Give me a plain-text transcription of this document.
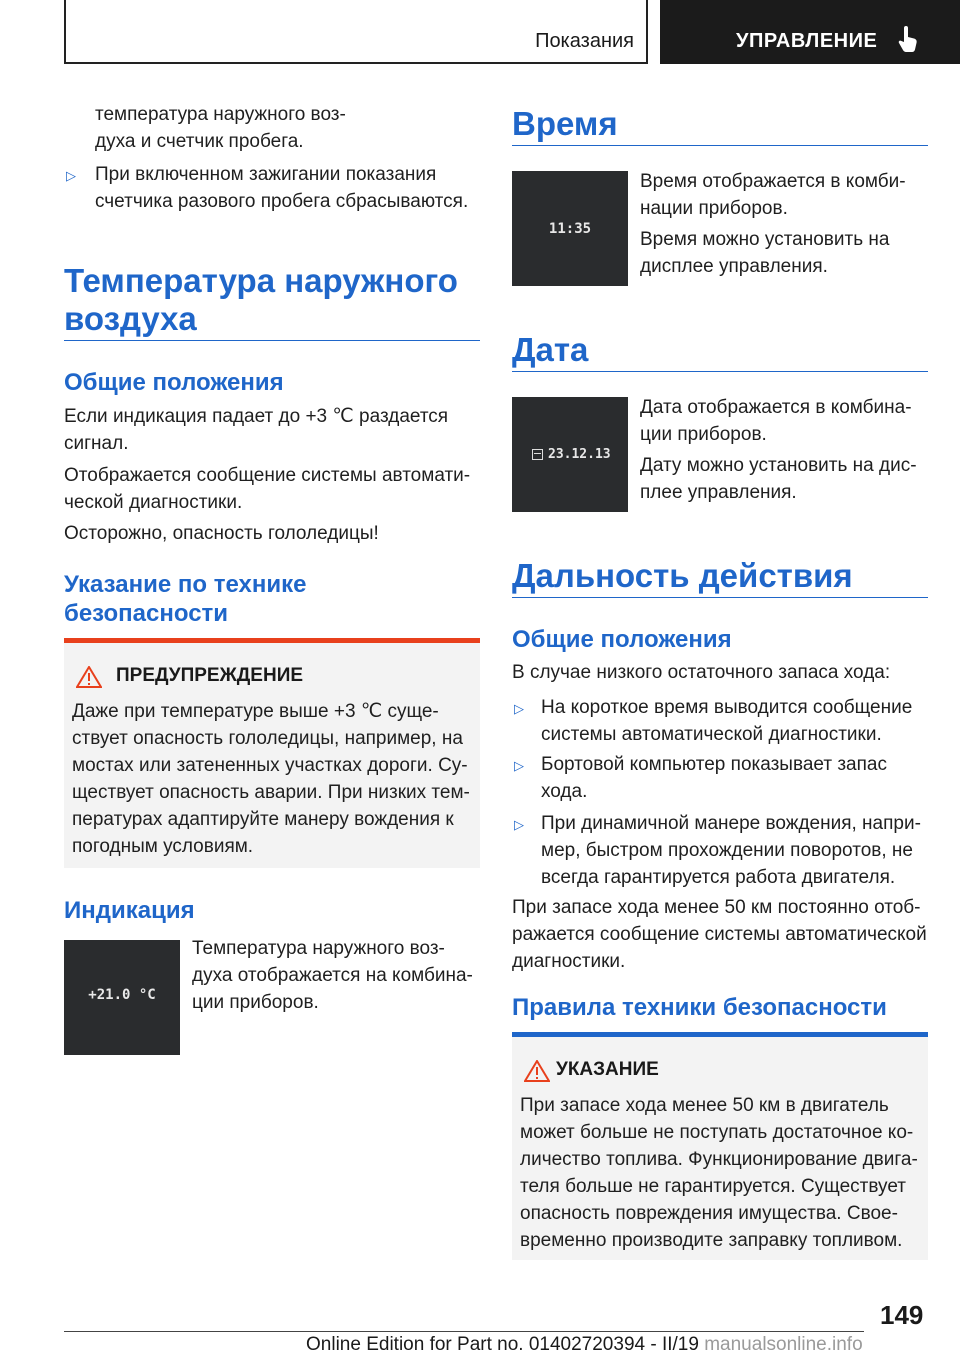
Показания	УПРАВЛЕНИЕ
температура наружного воз-
духа и счетчик пробега.
▷ При включенном зажигании показания
счетчика разового пробега сбрасываются.
Температура наружного
воздуха
Общие положения
Если индикация падает до +3 ℃ раздается
сигнал.
Отображается сообщение системы автомати-
ческой диагностики.
Осторожно, опасность гололедицы!
Указание по технике
безопасности
ПРЕДУПРЕЖДЕНИЕ
Даже при температуре выше +3 ℃ суще-
ствует опасность гололедицы, например, на
мостах или затененных участках дороги. Су-
ществует опасность аварии. При низких тем-
пературах адаптируйте манеру вождения к
погодным условиям.
Индикация
+21.0 °C
Температура наружного воз-
духа отображается на комбина-
ции приборов.
Время
11:35
Время отображается в комби-
нации приборов.
Время можно установить на
дисплее управления.
Дата
23.12.13
Дата отображается в комбина-
ции приборов.
Дату можно установить на дис-
плее управления.
Дальность действия
Общие положения
В случае низкого остаточного запаса хода:
▷ На короткое время выводится сообщение
системы автоматической диагностики.
▷ Бортовой компьютер показывает запас
хода.
▷ При динамичной манере вождения, напри-
мер, быстром прохождении поворотов, не
всегда гарантируется работа двигателя.
При запасе хода менее 50 км постоянно отоб-
ражается сообщение системы автоматической
диагностики.
Правила техники безопасности
УКАЗАНИЕ
При запасе хода менее 50 км в двигатель
может больше не поступать достаточное ко-
личество топлива. Функционирование двига-
теля больше не гарантируется. Существует
опасность повреждения имущества. Свое-
временно производите заправку топливом.
149
Online Edition for Part no. 01402720394 - II/19 manualsonline.info
